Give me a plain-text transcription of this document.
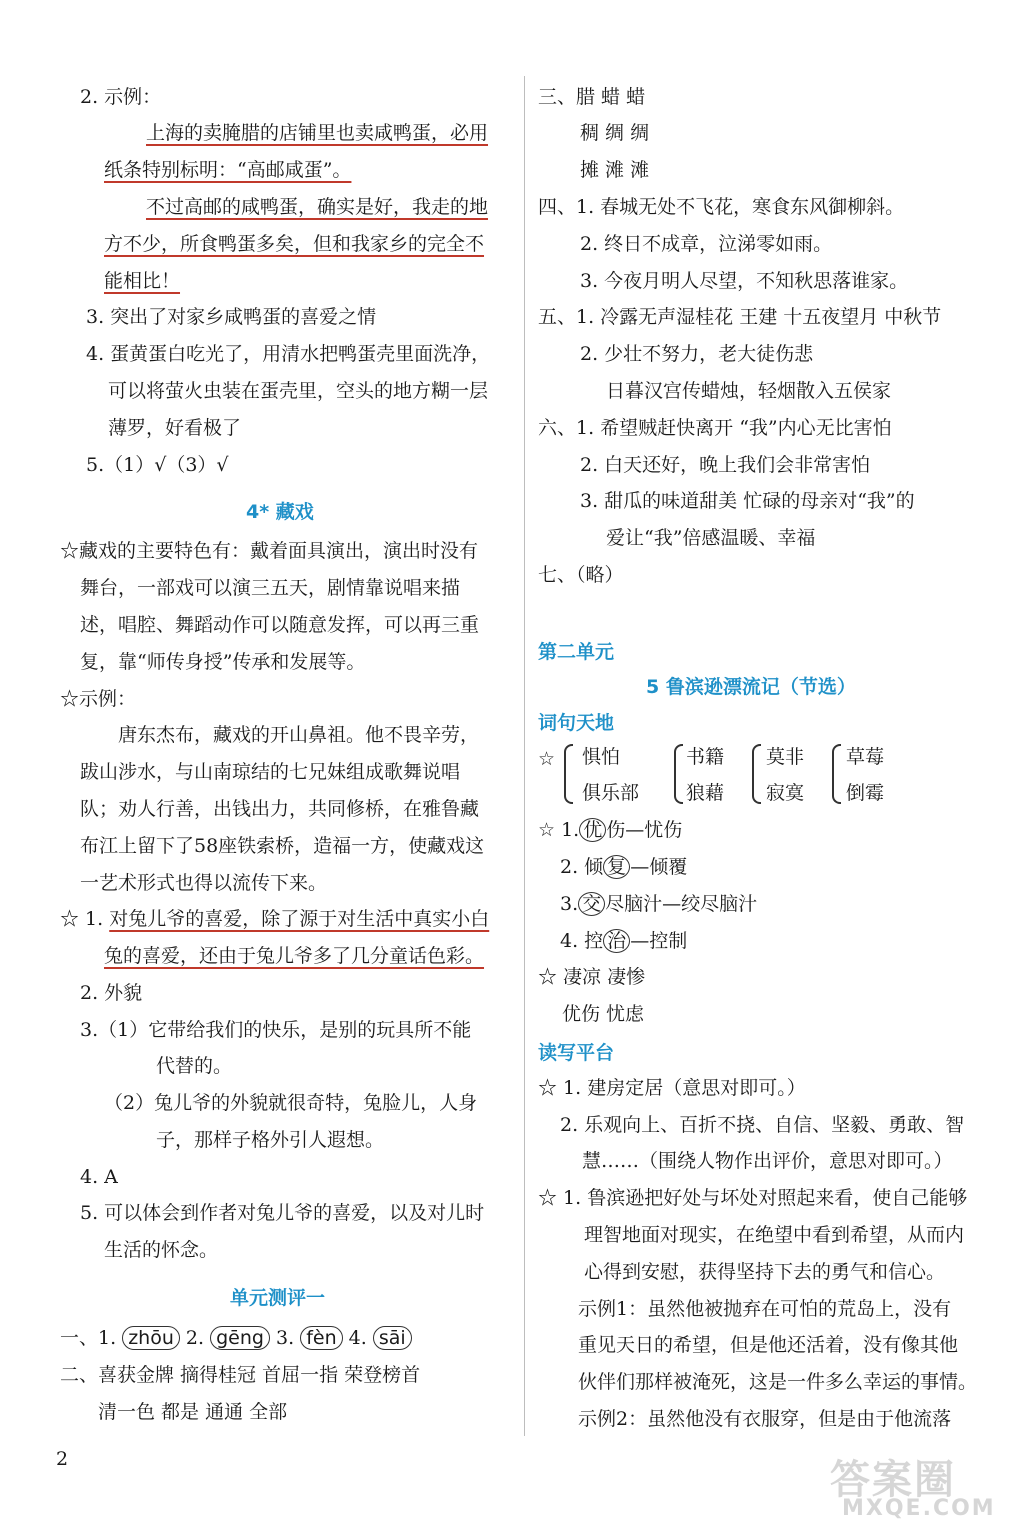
2. 示例：
上海的卖腌腊的店铺里也卖咸鸭蛋，必用
纸条特别标明：“高邮咸蛋”。
不过高邮的咸鸭蛋，确实是好，我走的地
方不少，所食鸭蛋多矣，但和我家乡的完全不
能相比！
3. 突出了对家乡咸鸭蛋的喜爱之情
4. 蛋黄蛋白吃光了，用清水把鸭蛋壳里面洗净，
可以将萤火虫装在蛋壳里，空头的地方糊一层
薄罗，好看极了
5.（1）√（3）√
4* 藏戏
☆藏戏的主要特色有：戴着面具演出，演出时没有
舞台，一部戏可以演三五天，剧情靠说唱来描
述，唱腔、舞蹈动作可以随意发挥，可以再三重
复，靠“师传身授”传承和发展等。
☆示例：
唐东杰布，藏戏的开山鼻祖。他不畏辛劳，
跋山涉水，与山南琼结的七兄妹组成歌舞说唱
队；劝人行善，出钱出力，共同修桥，在雅鲁藏
布江上留下了58座铁索桥，造福一方，使藏戏这
一艺术形式也得以流传下来。
☆ 1. 对兔儿爷的喜爱，除了源于对生活中真实小白
兔的喜爱，还由于兔儿爷多了几分童话色彩。
2. 外貌
3.（1）它带给我们的快乐，是别的玩具所不能
代替的。
（2）兔儿爷的外貌就很奇特，兔脸儿，人身
子，那样子格外引人遐想。
4. A
5. 可以体会到作者对兔儿爷的喜爱，以及对儿时
生活的怀念。
单元测评一
一、1. zhōu 2. gēng 3. fèn 4. sāi
二、喜获金牌 摘得桂冠 首屈一指 荣登榜首
清一色 都是 通通 全部
三、腊 蜡 蜡
稠 绸 绸
摊 滩 滩
四、1. 春城无处不飞花，寒食东风御柳斜。
2. 终日不成章，泣涕零如雨。
3. 今夜月明人尽望，不知秋思落谁家。
五、1. 冷露无声湿桂花 王建 十五夜望月 中秋节
2. 少壮不努力，老大徒伤悲
日暮汉宫传蜡烛，轻烟散入五侯家
六、1. 希望贼赶快离开 “我”内心无比害怕
2. 白天还好，晚上我们会非常害怕
3. 甜瓜的味道甜美 忙碌的母亲对“我”的
爱让“我”倍感温暖、幸福
七、（略）
第二单元
5 鲁滨逊漂流记（节选）
词句天地
☆ 惧怕
俱乐部
书籍
狼藉
莫非
寂寞
草莓
倒霉
☆ 1. 优 伤—忧伤
2. 倾 复 —倾覆
3. 交 尽脑汁—绞尽脑汁
4. 控 治 —控制
☆ 凄凉 凄惨
优伤 忧虑
读写平台
☆ 1. 建房定居（意思对即可。）
2. 乐观向上、百折不挠、自信、坚毅、勇敢、智
慧……（围绕人物作出评价，意思对即可。）
☆ 1. 鲁滨逊把好处与坏处对照起来看，使自己能够
理智地面对现实，在绝望中看到希望，从而内
心得到安慰，获得坚持下去的勇气和信心。
示例1：虽然他被抛弃在可怕的荒岛上，没有
重见天日的希望，但是他还活着，没有像其他
伙伴们那样被淹死，这是一件多么幸运的事情。
示例2：虽然他没有衣服穿，但是由于他流落
2	答案圈
MXQE.COM
